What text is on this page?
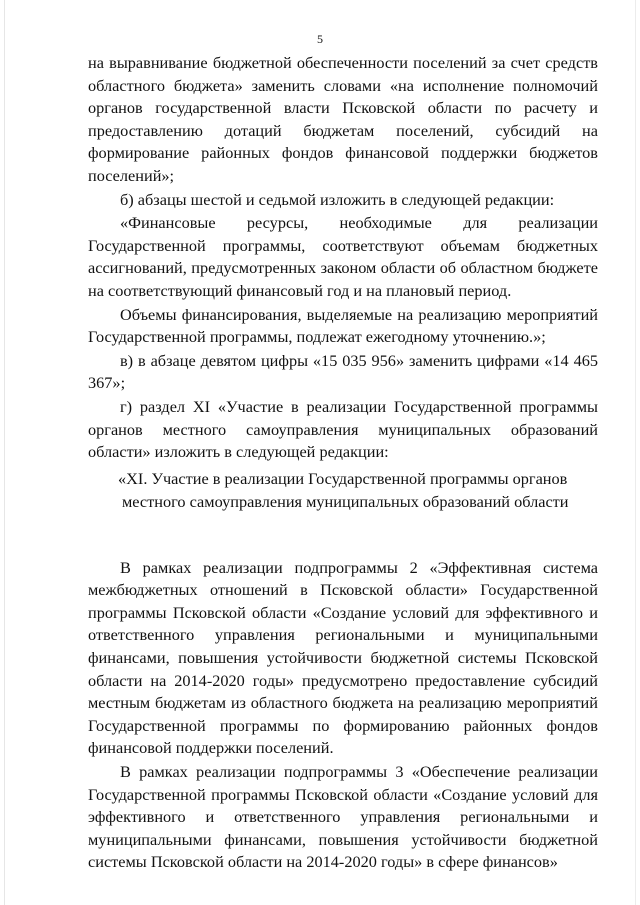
5

на выравнивание бюджетной обеспеченности поселений за счет средств областного бюджета» заменить словами «на исполнение полномочий органов государственной власти Псковской области по расчету и предоставлению дотаций бюджетам поселений, субсидий на формирование районных фондов финансовой поддержки бюджетов поселений»;

б) абзацы шестой и седьмой изложить в следующей редакции:

«Финансовые ресурсы, необходимые для реализации Государственной программы, соответствуют объемам бюджетных ассигнований, предусмотренных законом области об областном бюджете на соответствующий финансовый год и на плановый период.

Объемы финансирования, выделяемые на реализацию мероприятий Государственной программы, подлежат ежегодному уточнению.»;

в) в абзаце девятом цифры «15 035 956» заменить цифрами «14 465 367»;

г) раздел XI «Участие в реализации Государственной программы органов местного самоуправления муниципальных образований области» изложить в следующей редакции:

«XI. Участие в реализации Государственной программы органов
местного самоуправления муниципальных образований области

В рамках реализации подпрограммы 2 «Эффективная система межбюджетных отношений в Псковской области» Государственной программы Псковской области «Создание условий для эффективного и ответственного управления региональными и муниципальными финансами, повышения устойчивости бюджетной системы Псковской области на 2014-2020 годы» предусмотрено предоставление субсидий местным бюджетам из областного бюджета на реализацию мероприятий Государственной программы по формированию районных фондов финансовой поддержки поселений.

В рамках реализации подпрограммы 3 «Обеспечение реализации Государственной программы Псковской области «Создание условий для эффективного и ответственного управления региональными и муниципальными финансами, повышения устойчивости бюджетной системы Псковской области на 2014-2020 годы» в сфере финансов»
